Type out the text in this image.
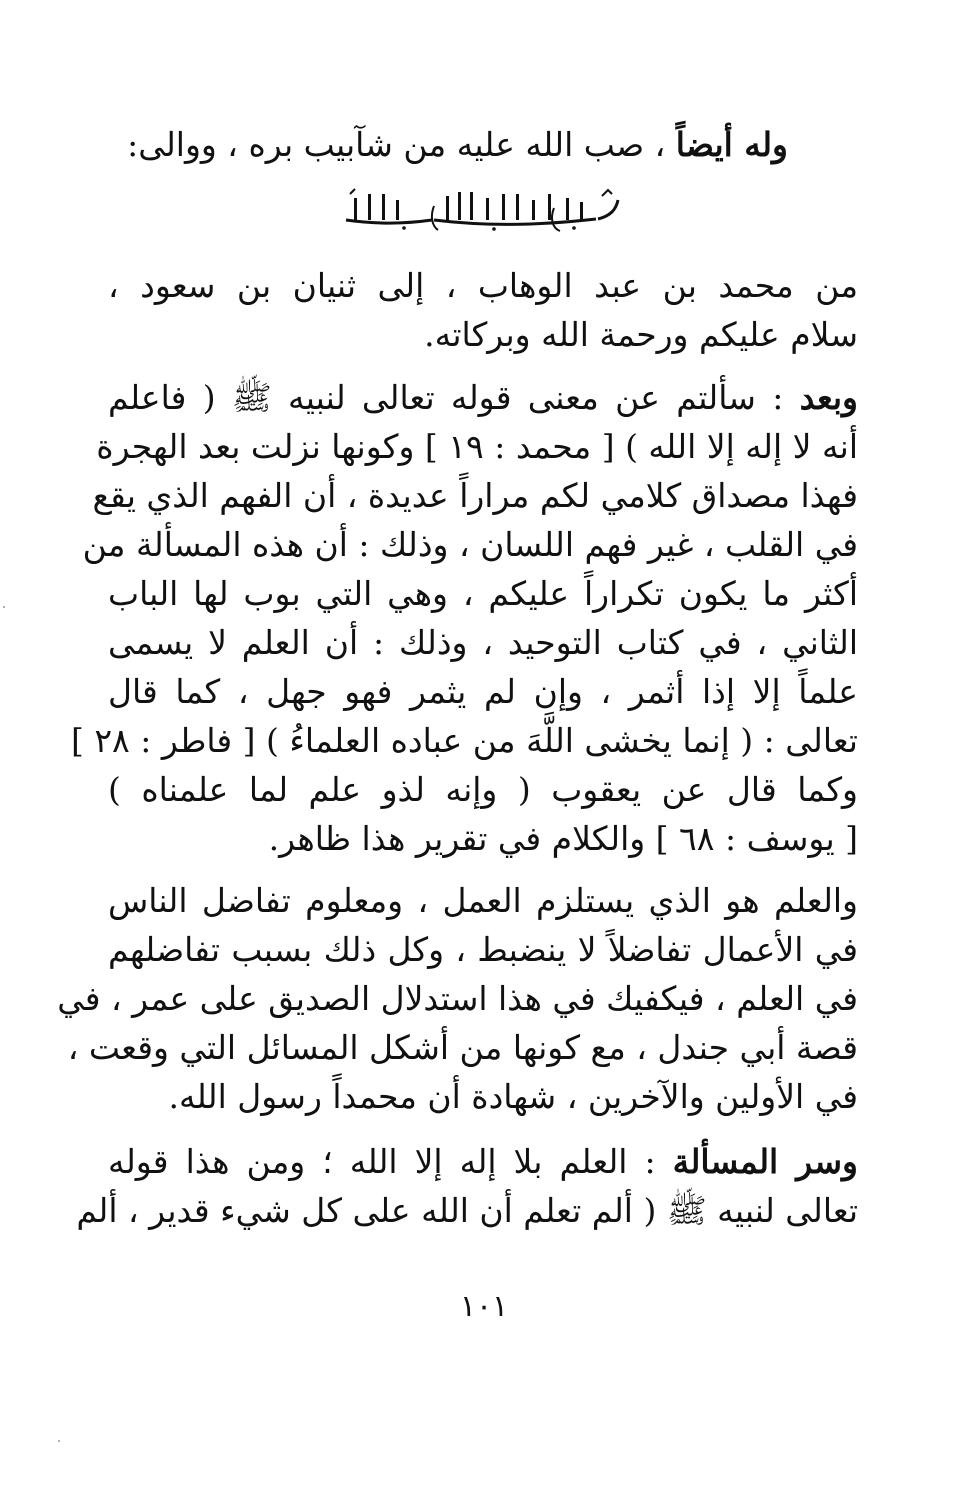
وله أيضاً ، صب الله عليه من شآبيب بره ، ووالى:
من محمد بن عبد الوهاب ، إلى ثنيان بن سعود ،
سلام عليكم ورحمة الله وبركاته.
وبعد : سألتم عن معنى قوله تعالى لنبيه ﷺ ( فاعلم
أنه لا إله إلا الله ) [ محمد : ١٩ ] وكونها نزلت بعد الهجرة
فهذا مصداق كلامي لكم مراراً عديدة ، أن الفهم الذي يقع
في القلب ، غير فهم اللسان ، وذلك : أن هذه المسألة من
أكثر ما يكون تكراراً عليكم ، وهي التي بوب لها الباب
الثاني ، في كتاب التوحيد ، وذلك : أن العلم لا يسمى
علماً إلا إذا أثمر ، وإن لم يثمر فهو جهل ، كما قال
تعالى : ( إنما يخشى اللَّهَ من عباده العلماءُ ) [ فاطر : ٢٨ ]
وكما قال عن يعقوب ( وإنه لذو علم لما علمناه )
[ يوسف : ٦٨ ] والكلام في تقرير هذا ظاهر.
والعلم هو الذي يستلزم العمل ، ومعلوم تفاضل الناس
في الأعمال تفاضلاً لا ينضبط ، وكل ذلك بسبب تفاضلهم
في العلم ، فيكفيك في هذا استدلال الصديق على عمر ، في
قصة أبي جندل ، مع كونها من أشكل المسائل التي وقعت ،
في الأولين والآخرين ، شهادة أن محمداً رسول الله.
وسر المسألة : العلم بلا إله إلا الله ؛ ومن هذا قوله
تعالى لنبيه ﷺ ( ألم تعلم أن الله على كل شيء قدير ، ألم
١٠١
